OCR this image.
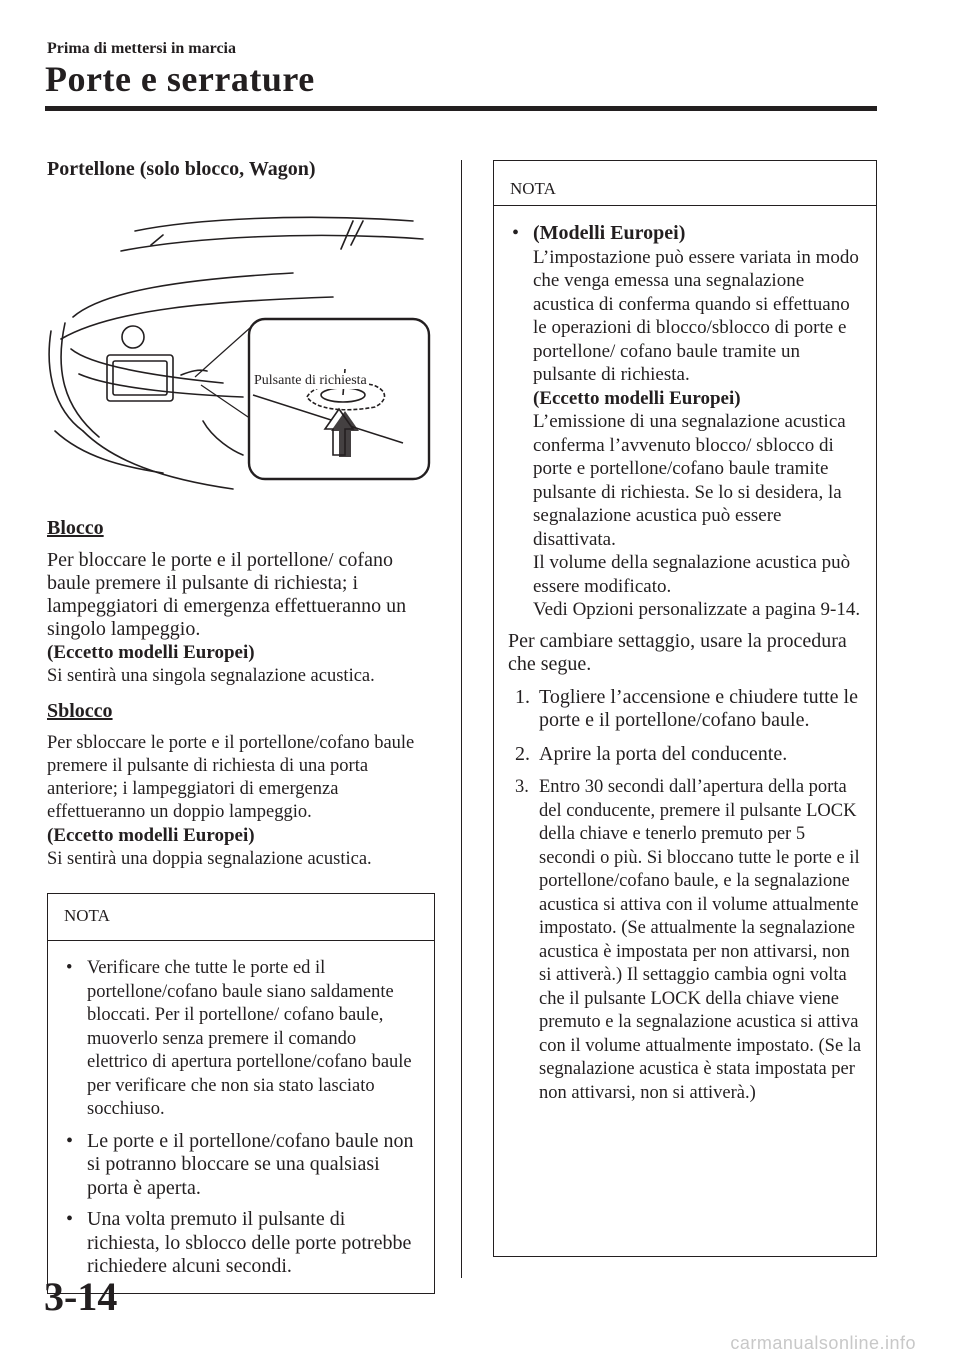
Prima di mettersi in marcia
Porte e serrature
Portellone (solo blocco, Wagon)
Pulsante di richiesta
Blocco

Per bloccare le porte e il portellone/ cofano baule premere il pulsante di richiesta; i lampeggiatori di emergenza effettueranno un singolo lampeggio.

(Eccetto modelli Europei)
Si sentirà una singola segnalazione acustica.

Sblocco

Per sbloccare le porte e il portellone/cofano baule premere il pulsante di richiesta di una porta anteriore; i lampeggiatori di emergenza effettueranno un doppio lampeggio.

(Eccetto modelli Europei)
Si sentirà una doppia segnalazione acustica.

NOTA
• Verificare che tutte le porte ed il portellone/cofano baule siano saldamente bloccati. Per il portellone/ cofano baule, muoverlo senza premere il comando elettrico di apertura portellone/cofano baule per verificare che non sia stato lasciato socchiuso.
• Le porte e il portellone/cofano baule non si potranno bloccare se una qualsiasi porta è aperta.
• Una volta premuto il pulsante di richiesta, lo sblocco delle porte potrebbe richiedere alcuni secondi.
NOTA
• (Modelli Europei)
L’impostazione può essere variata in modo che venga emessa una segnalazione acustica di conferma quando si effettuano le operazioni di blocco/sblocco di porte e portellone/ cofano baule tramite un pulsante di richiesta.
(Eccetto modelli Europei)
L’emissione di una segnalazione acustica conferma l’avvenuto blocco/ sblocco di porte e portellone/cofano baule tramite pulsante di richiesta. Se lo si desidera, la segnalazione acustica può essere disattivata.
Il volume della segnalazione acustica può essere modificato.
Vedi Opzioni personalizzate a pagina 9-14.

Per cambiare settaggio, usare la procedura che segue.

1. Togliere l’accensione e chiudere tutte le porte e il portellone/cofano baule.
2. Aprire la porta del conducente.
3. Entro 30 secondi dall’apertura della porta del conducente, premere il pulsante LOCK della chiave e tenerlo premuto per 5 secondi o più. Si bloccano tutte le porte e il portellone/cofano baule, e la segnalazione acustica si attiva con il volume attualmente impostato. (Se attualmente la segnalazione acustica è impostata per non attivarsi, non si attiverà.) Il settaggio cambia ogni volta che il pulsante LOCK della chiave viene premuto e la segnalazione acustica si attiva con il volume attualmente impostato. (Se la segnalazione acustica è stata impostata per non attivarsi, non si attiverà.)
3-14
carmanualsonline.info
